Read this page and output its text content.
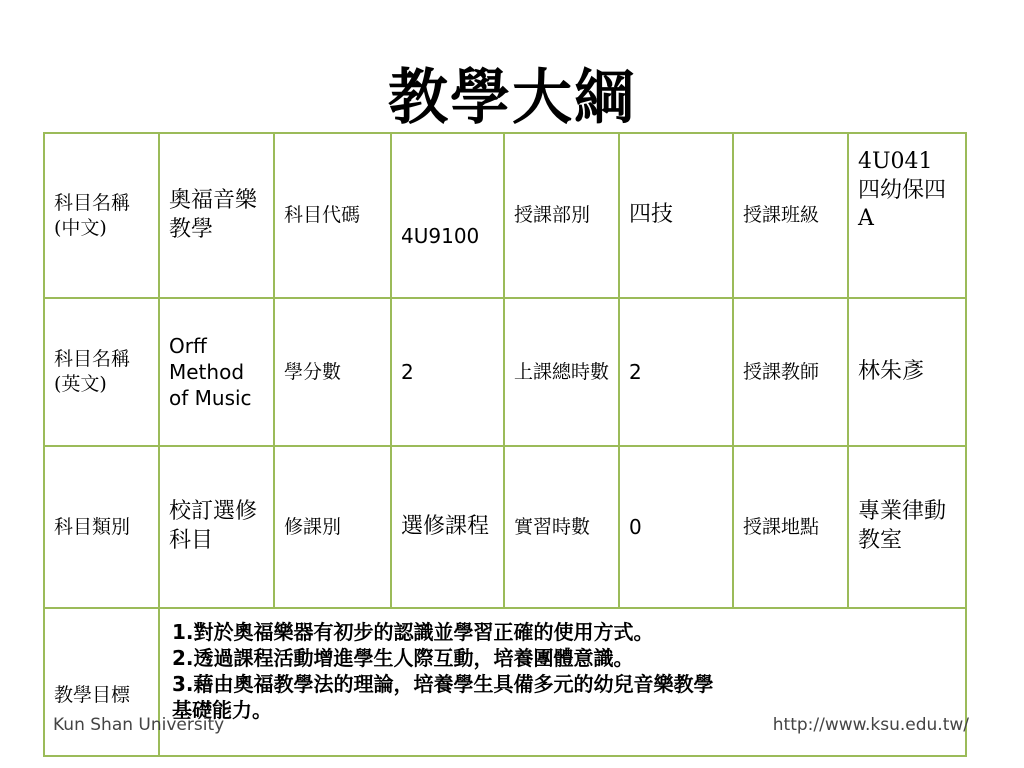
教學大綱
科目名稱(中文)	奧福音樂教學	科目代碼	4U9100	授課部別	四技	授課班級	4U041 四幼保四A
科目名稱(英文)	Orff Method of Music	學分數	2	上課總時數	2	授課教師	林朱彥
科目類別	校訂選修科目	修課別	選修課程	實習時數	0	授課地點	專業律動教室
教學目標	1.對於奧福樂器有初步的認識並學習正確的使用方式。
2.透過課程活動增進學生人際互動，培養團體意識。
3.藉由奧福教學法的理論，培養學生具備多元的幼兒音樂教學
基礎能力。						
Kun Shan University	http://www.ksu.edu.tw/
